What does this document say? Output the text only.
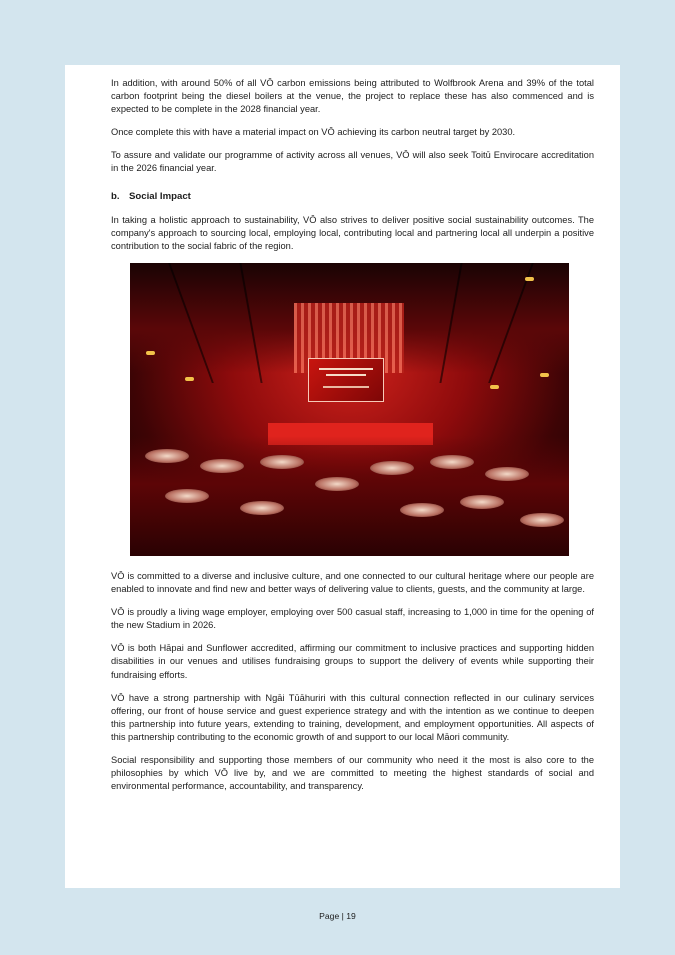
In addition, with around 50% of all VŌ carbon emissions being attributed to Wolfbrook Arena and 39% of the total carbon footprint being the diesel boilers at the venue, the project to replace these has also commenced and is expected to be complete in the 2028 financial year.

Once complete this with have a material impact on VŌ achieving its carbon neutral target by 2030.

To assure and validate our programme of activity across all venues, VŌ will also seek Toitū Envirocare accreditation in the 2026 financial year.

b. Social Impact

In taking a holistic approach to sustainability, VŌ also strives to deliver positive social sustainability outcomes. The company's approach to sourcing local, employing local, contributing local and partnering local all underpin a positive contribution to the social fabric of the region.

VŌ is committed to a diverse and inclusive culture, and one connected to our cultural heritage where our people are enabled to innovate and find new and better ways of delivering value to clients, guests, and the community at large.

VŌ is proudly a living wage employer, employing over 500 casual staff, increasing to 1,000 in time for the opening of the new Stadium in 2026.

VŌ is both Hāpai and Sunflower accredited, affirming our commitment to inclusive practices and supporting hidden disabilities in our venues and utilises fundraising groups to support the delivery of events while supporting their fundraising efforts.

VŌ have a strong partnership with Ngāi Tūāhuriri with this cultural connection reflected in our culinary services offering, our front of house service and guest experience strategy and with the intention as we continue to deepen this partnership into future years, extending to training, development, and employment opportunities. All aspects of this partnership contributing to the economic growth of and support to our local Māori community.

Social responsibility and supporting those members of our community who need it the most is also core to the philosophies by which VŌ live by, and we are committed to meeting the highest standards of social and environmental performance, accountability, and transparency.

Page | 19
